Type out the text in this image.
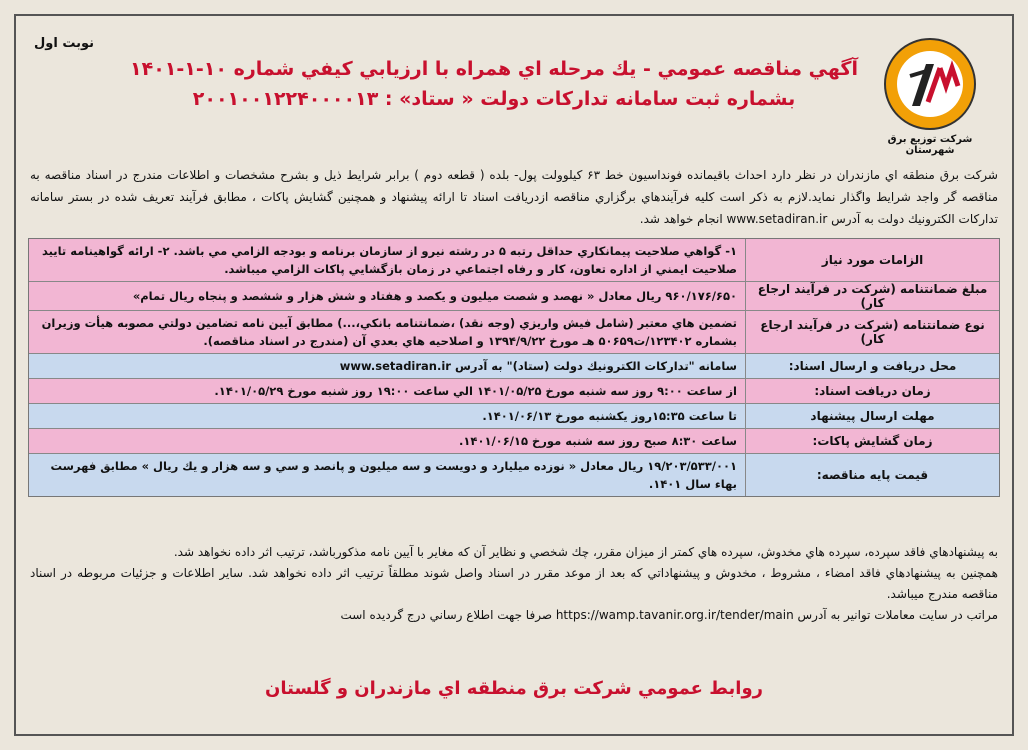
شرکت توزیع برق شهرستان
نوبت اول
آگهي مناقصه عمومي - يك مرحله اي همراه با ارزيابي كيفي شماره ۱۰-۱-۱۴۰۱
بشماره ثبت سامانه تداركات دولت « ستاد» : ۲۰۰۱۰۰۱۲۲۴۰۰۰۰۱۳
شركت برق منطقه اي مازندران در نظر دارد احداث باقيمانده فونداسيون خط ۶۳ كيلوولت پول- بلده ( قطعه دوم ) برابر شرايط ذيل و بشرح مشخصات و اطلاعات مندرج در اسناد مناقصه به مناقصه گر واجد شرايط واگذار نمايد.لازم به ذكر است كليه فرآيندهاي برگزاري مناقصه ازدريافت اسناد تا ارائه پيشنهاد و همچنين گشايش پاكات ، مطابق فرآيند تعريف شده در بستر سامانه تداركات الكترونيك دولت به آدرس www.setadiran.ir انجام خواهد شد.
الزامات مورد نياز
۱- گواهي صلاحيت پيمانكاري حداقل رتبه ۵ در رشته نيرو از سازمان برنامه و بودجه الزامي مي باشد. ۲- ارائه گواهينامه تاييد صلاحيت ايمني از اداره تعاون، كار و رفاه اجتماعي در زمان بازگشايي پاكات الزامي ميباشد.
مبلغ ضمانتنامه (شركت در فرآيند ارجاع كار)
۹۶۰/۱۷۶/۶۵۰ ريال معادل « نهصد و شصت ميليون و يكصد و هفتاد و شش هزار و ششصد و پنجاه ريال تمام»
نوع ضمانتنامه (شركت در فرآيند ارجاع كار)
تضمين هاي معتبر (شامل فيش واريزي (وجه نقد) ،ضمانتنامه بانكي،...) مطابق آيين نامه تضامين دولتي مصوبه هيأت وزيران بشماره ۱۲۳۴۰۲/ت۵۰۶۵۹ هـ مورخ ۱۳۹۴/۹/۲۲ و اصلاحيه هاي بعدي آن (مندرج در اسناد مناقصه).
محل دريافت و ارسال اسناد:
سامانه "تداركات الكترونيك دولت (ستاد)" به آدرس www.setadiran.ir
زمان دريافت اسناد:
از ساعت ۹:۰۰ روز سه شنبه مورخ ۱۴۰۱/۰۵/۲۵ الي ساعت ۱۹:۰۰ روز شنبه مورخ ۱۴۰۱/۰۵/۲۹.
مهلت ارسال پيشنهاد
تا ساعت ۱۵:۳۵روز يكشنبه مورخ ۱۴۰۱/۰۶/۱۳.
زمان گشايش پاكات:
ساعت ۸:۳۰ صبح روز سه شنبه مورخ ۱۴۰۱/۰۶/۱۵.
قيمت پايه مناقصه:
۱۹/۲۰۳/۵۳۳/۰۰۱ ريال معادل « نوزده ميليارد و دويست و سه ميليون و پانصد و سي و سه هزار و يك ريال » مطابق فهرست بهاء سال ۱۴۰۱.
به پيشنهادهاي فاقد سپرده، سپرده هاي مخدوش، سپرده هاي كمتر از ميزان مقرر، چك شخصي و نظاير آن كه مغاير با آيين نامه مذكورباشد، ترتيب اثر داده نخواهد شد.
همچنين به پيشنهادهاي فاقد امضاء ، مشروط ، مخدوش و پيشنهاداتي كه بعد از موعد مقرر در اسناد واصل شوند مطلقاً ترتيب اثر داده نخواهد شد. ساير اطلاعات و جزئيات مربوطه در اسناد مناقصه مندرج ميباشد.
مراتب در سايت معاملات توانير به آدرس https://wamp.tavanir.org.ir/tender/main صرفا جهت اطلاع رساني درج گرديده است
روابط عمومي شركت برق منطقه اي مازندران و گلستان
